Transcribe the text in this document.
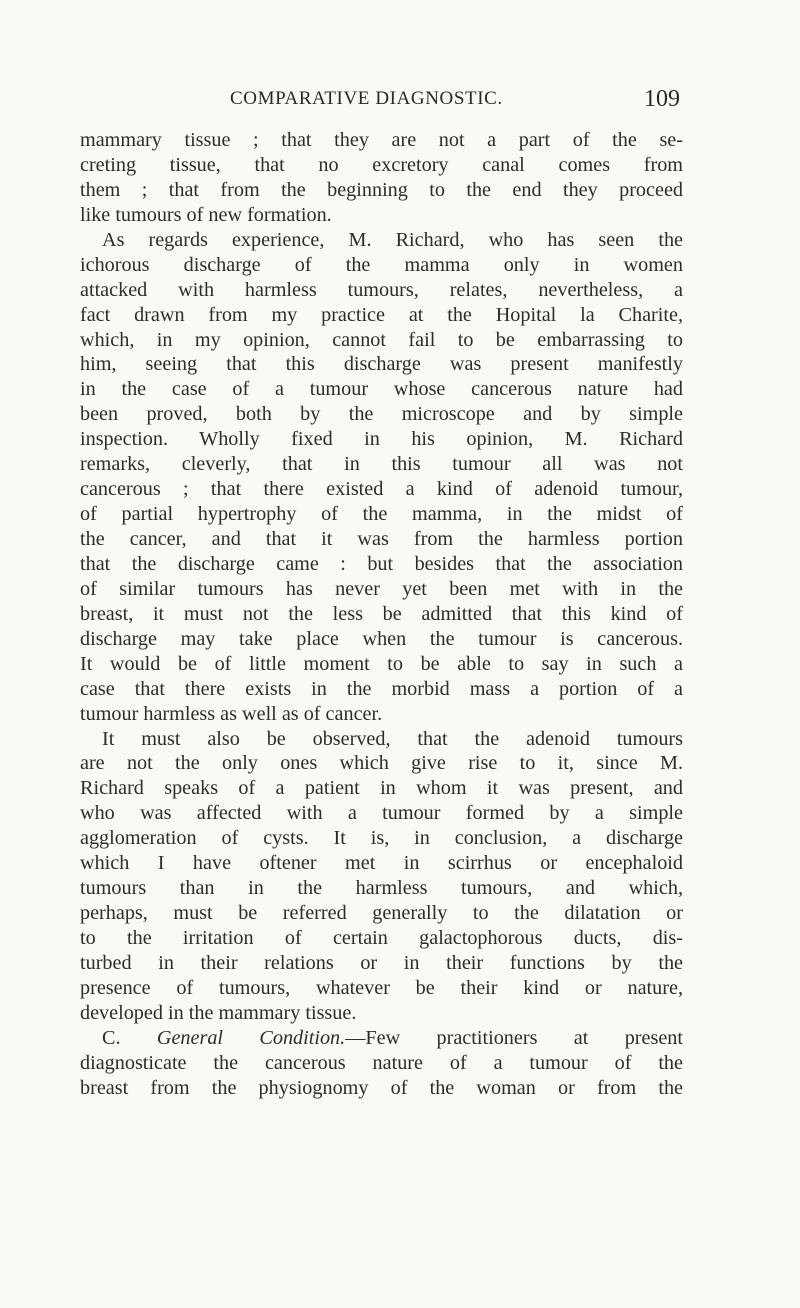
COMPARATIVE DIAGNOSTIC.	109
mammary tissue ; that they are not a part of the se-
creting tissue, that no excretory canal comes from
them ; that from the beginning to the end they proceed
like tumours of new formation.
As regards experience, M. Richard, who has seen the
ichorous discharge of the mamma only in women
attacked with harmless tumours, relates, nevertheless, a
fact drawn from my practice at the Hopital la Charite,
which, in my opinion, cannot fail to be embarrassing to
him, seeing that this discharge was present manifestly
in the case of a tumour whose cancerous nature had
been proved, both by the microscope and by simple
inspection. Wholly fixed in his opinion, M. Richard
remarks, cleverly, that in this tumour all was not
cancerous ; that there existed a kind of adenoid tumour,
of partial hypertrophy of the mamma, in the midst of
the cancer, and that it was from the harmless portion
that the discharge came : but besides that the association
of similar tumours has never yet been met with in the
breast, it must not the less be admitted that this kind of
discharge may take place when the tumour is cancerous.
It would be of little moment to be able to say in such a
case that there exists in the morbid mass a portion of a
tumour harmless as well as of cancer.
It must also be observed, that the adenoid tumours
are not the only ones which give rise to it, since M.
Richard speaks of a patient in whom it was present, and
who was affected with a tumour formed by a simple
agglomeration of cysts. It is, in conclusion, a discharge
which I have oftener met in scirrhus or encephaloid
tumours than in the harmless tumours, and which,
perhaps, must be referred generally to the dilatation or
to the irritation of certain galactophorous ducts, dis-
turbed in their relations or in their functions by the
presence of tumours, whatever be their kind or nature,
developed in the mammary tissue.
C. General Condition.—Few practitioners at present
diagnosticate the cancerous nature of a tumour of the
breast from the physiognomy of the woman or from the
